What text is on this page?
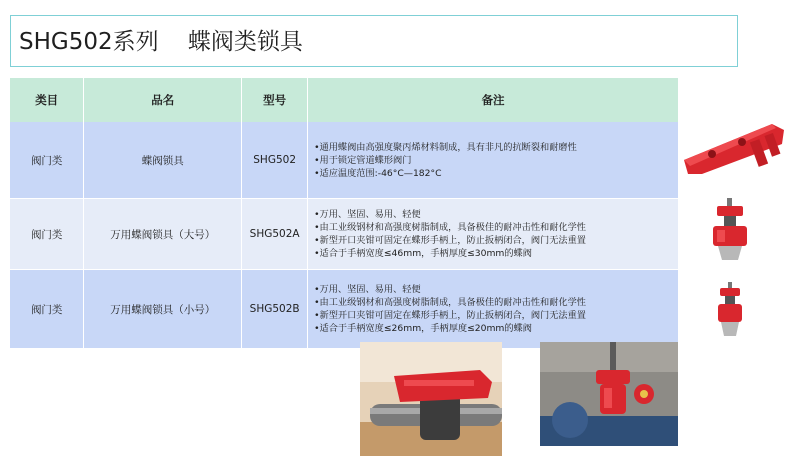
SHG502系列    蝶阀类锁具
类目	品名	型号	备注
阀门类	蝶阀锁具	SHG502	•通用蝶阀由高强度聚丙烯材料制成，具有非凡的抗断裂和耐磨性
•用于锁定管道蝶形阀门
•适应温度范围:-46°C—182°C

阀门类	万用蝶阀锁具（大号）	SHG502A	•万用、坚固、易用、轻便
•由工业级钢材和高强度树脂制成，具备极佳的耐冲击性和耐化学性
•新型开口夹钳可固定在蝶形手柄上，防止扳柄闭合，阀门无法重置
•适合于手柄宽度≤46mm，手柄厚度≤30mm的蝶阀

阀门类	万用蝶阀锁具（小号）	SHG502B	•万用、坚固、易用、轻便
•由工业级钢材和高强度树脂制成，具备极佳的耐冲击性和耐化学性
•新型开口夹钳可固定在蝶形手柄上，防止扳柄闭合，阀门无法重置
•适合于手柄宽度≤26mm，手柄厚度≤20mm的蝶阀
